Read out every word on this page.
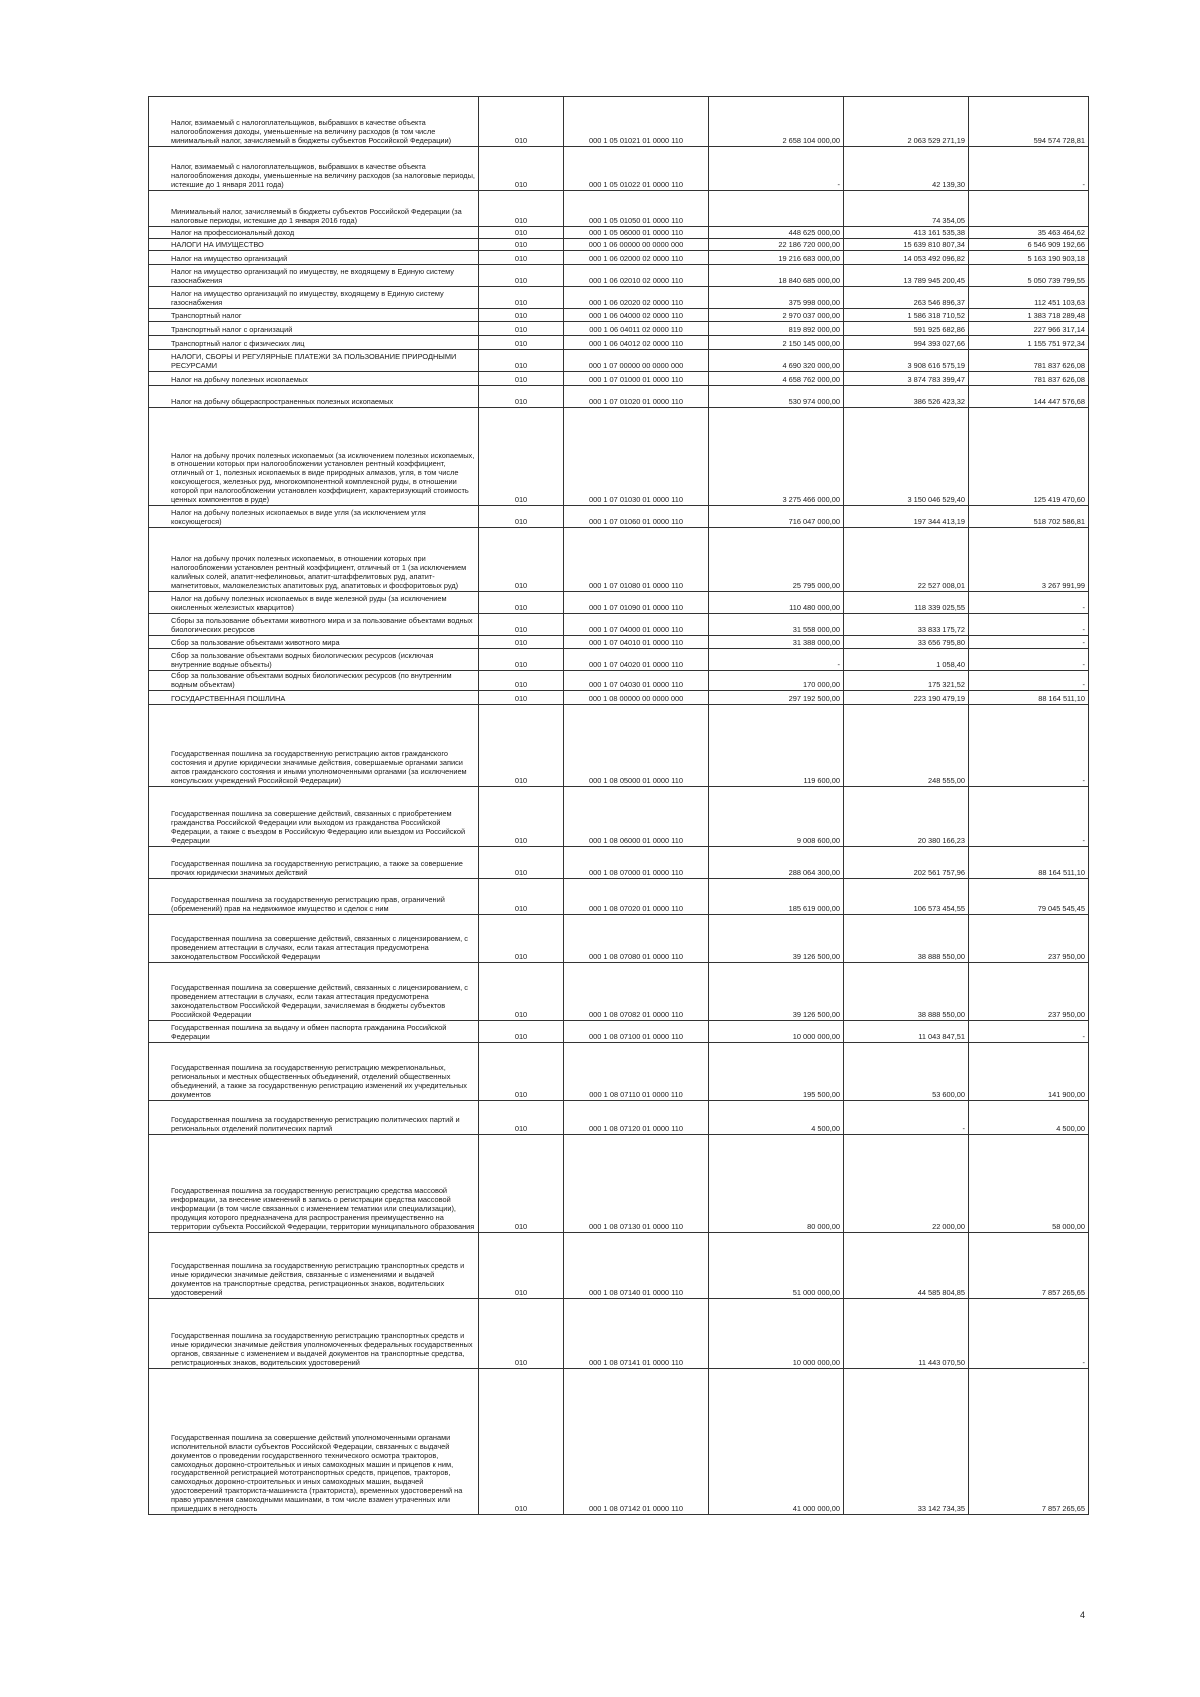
Налог, взимаемый с налогоплательщиков, выбравших в качестве объекта налогообложения доходы, уменьшенные на величину расходов (в том числе минимальный налог, зачисляемый в бюджеты субъектов Российской Федерации)	010	000 1 05 01021 01 0000 110	2 658 104 000,00	2 063 529 271,19	594 574 728,81
Налог, взимаемый с налогоплательщиков, выбравших в качестве объекта налогообложения доходы, уменьшенные на величину расходов (за налоговые периоды, истекшие до 1 января 2011 года)	010	000 1 05 01022 01 0000 110	-	42 139,30	-
Минимальный налог, зачисляемый в бюджеты субъектов Российской Федерации (за налоговые периоды, истекшие до 1 января 2016 года)	010	000 1 05 01050 01 0000 110		74 354,05	
Налог на профессиональный доход	010	000 1 05 06000 01 0000 110	448 625 000,00	413 161 535,38	35 463 464,62
НАЛОГИ НА ИМУЩЕСТВО	010	000 1 06 00000 00 0000 000	22 186 720 000,00	15 639 810 807,34	6 546 909 192,66
Налог на имущество организаций	010	000 1 06 02000 02 0000 110	19 216 683 000,00	14 053 492 096,82	5 163 190 903,18
Налог на имущество организаций по имуществу, не входящему в Единую систему газоснабжения	010	000 1 06 02010 02 0000 110	18 840 685 000,00	13 789 945 200,45	5 050 739 799,55
Налог на имущество организаций по имуществу, входящему в Единую систему газоснабжения	010	000 1 06 02020 02 0000 110	375 998 000,00	263 546 896,37	112 451 103,63
Транспортный налог	010	000 1 06 04000 02 0000 110	2 970 037 000,00	1 586 318 710,52	1 383 718 289,48
Транспортный налог с организаций	010	000 1 06 04011 02 0000 110	819 892 000,00	591 925 682,86	227 966 317,14
Транспортный налог с физических лиц	010	000 1 06 04012 02 0000 110	2 150 145 000,00	994 393 027,66	1 155 751 972,34
НАЛОГИ, СБОРЫ И РЕГУЛЯРНЫЕ ПЛАТЕЖИ ЗА ПОЛЬЗОВАНИЕ ПРИРОДНЫМИ РЕСУРСАМИ	010	000 1 07 00000 00 0000 000	4 690 320 000,00	3 908 616 575,19	781 837 626,08
Налог на добычу полезных ископаемых	010	000 1 07 01000 01 0000 110	4 658 762 000,00	3 874 783 399,47	781 837 626,08
Налог на добычу общераспространенных полезных ископаемых	010	000 1 07 01020 01 0000 110	530 974 000,00	386 526 423,32	144 447 576,68
Налог на добычу прочих полезных ископаемых (за исключением полезных ископаемых, в отношении которых при налогообложении установлен рентный коэффициент, отличный от 1, полезных ископаемых в виде природных алмазов, угля, в том числе коксующегося, железных руд, многокомпонентной комплексной руды, в отношении которой при налогообложении установлен коэффициент, характеризующий стоимость ценных компонентов в руде)	010	000 1 07 01030 01 0000 110	3 275 466 000,00	3 150 046 529,40	125 419 470,60
Налог на добычу полезных ископаемых в виде угля (за исключением угля коксующегося)	010	000 1 07 01060 01 0000 110	716 047 000,00	197 344 413,19	518 702 586,81
Налог на добычу прочих полезных ископаемых, в отношении которых при налогообложении установлен рентный коэффициент, отличный от 1 (за исключением калийных солей, апатит-нефелиновых, апатит-штаффелитовых руд, апатит-магнетитовых, маложелезистых апатитовых руд, апатитовых и фосфоритовых руд)	010	000 1 07 01080 01 0000 110	25 795 000,00	22 527 008,01	3 267 991,99
Налог на добычу полезных ископаемых в виде железной руды (за исключением окисленных железистых кварцитов)	010	000 1 07 01090 01 0000 110	110 480 000,00	118 339 025,55	-
Сборы за пользование объектами животного мира и за пользование объектами водных биологических ресурсов	010	000 1 07 04000 01 0000 110	31 558 000,00	33 833 175,72	-
Сбор за пользование объектами животного мира	010	000 1 07 04010 01 0000 110	31 388 000,00	33 656 795,80	-
Сбор за пользование объектами водных биологических ресурсов (исключая внутренние водные объекты)	010	000 1 07 04020 01 0000 110	-	1 058,40	-
Сбор за пользование объектами водных биологических ресурсов (по внутренним водным объектам)	010	000 1 07 04030 01 0000 110	170 000,00	175 321,52	-
ГОСУДАРСТВЕННАЯ ПОШЛИНА	010	000 1 08 00000 00 0000 000	297 192 500,00	223 190 479,19	88 164 511,10
Государственная пошлина за государственную регистрацию актов гражданского состояния и другие юридически значимые действия, совершаемые органами записи актов гражданского состояния и иными уполномоченными органами (за исключением консульских учреждений Российской Федерации)	010	000 1 08 05000 01 0000 110	119 600,00	248 555,00	-
Государственная пошлина за совершение действий, связанных с приобретением гражданства Российской Федерации или выходом из гражданства Российской Федерации, а также с въездом в Российскую Федерацию или выездом из Российской Федерации	010	000 1 08 06000 01 0000 110	9 008 600,00	20 380 166,23	-
Государственная пошлина за государственную регистрацию, а также за совершение прочих юридически значимых действий	010	000 1 08 07000 01 0000 110	288 064 300,00	202 561 757,96	88 164 511,10
Государственная пошлина за государственную регистрацию прав, ограничений (обременений) прав на недвижимое имущество и сделок с ним	010	000 1 08 07020 01 0000 110	185 619 000,00	106 573 454,55	79 045 545,45
Государственная пошлина за совершение действий, связанных с лицензированием, с проведением аттестации в случаях, если такая аттестация предусмотрена законодательством Российской Федерации	010	000 1 08 07080 01 0000 110	39 126 500,00	38 888 550,00	237 950,00
Государственная пошлина за совершение действий, связанных с лицензированием, с проведением аттестации в случаях, если такая аттестация предусмотрена законодательством Российской Федерации, зачисляемая в бюджеты субъектов Российской Федерации	010	000 1 08 07082 01 0000 110	39 126 500,00	38 888 550,00	237 950,00
Государственная пошлина за выдачу и обмен паспорта гражданина Российской Федерации	010	000 1 08 07100 01 0000 110	10 000 000,00	11 043 847,51	-
Государственная пошлина за государственную регистрацию межрегиональных, региональных и местных общественных объединений, отделений общественных объединений, а также за государственную регистрацию изменений их учредительных документов	010	000 1 08 07110 01 0000 110	195 500,00	53 600,00	141 900,00
Государственная пошлина за государственную регистрацию политических партий и региональных отделений политических партий	010	000 1 08 07120 01 0000 110	4 500,00	-	4 500,00
Государственная пошлина за государственную регистрацию средства массовой информации, за внесение изменений в запись о регистрации средства массовой информации (в том числе связанных с изменением тематики или специализации), продукция которого предназначена для распространения преимущественно на территории субъекта Российской Федерации, территории муниципального образования	010	000 1 08 07130 01 0000 110	80 000,00	22 000,00	58 000,00
Государственная пошлина за государственную регистрацию транспортных средств и иные юридически значимые действия, связанные с изменениями и выдачей документов на транспортные средства, регистрационных знаков, водительских удостоверений	010	000 1 08 07140 01 0000 110	51 000 000,00	44 585 804,85	7 857 265,65
Государственная пошлина за государственную регистрацию транспортных средств и иные юридически значимые действия уполномоченных федеральных государственных органов, связанные с изменением и выдачей документов на транспортные средства, регистрационных знаков, водительских удостоверений	010	000 1 08 07141 01 0000 110	10 000 000,00	11 443 070,50	-
Государственная пошлина за совершение действий уполномоченными органами исполнительной власти субъектов Российской Федерации, связанных с выдачей документов о проведении государственного технического осмотра тракторов, самоходных дорожно-строительных и иных самоходных машин и прицепов к ним, государственной регистрацией мототранспортных средств, прицепов, тракторов, самоходных дорожно-строительных и иных самоходных машин, выдачей удостоверений тракториста-машиниста (тракториста), временных удостоверений на право управления самоходными машинами, в том числе взамен утраченных или пришедших в негодность	010	000 1 08 07142 01 0000 110	41 000 000,00	33 142 734,35	7 857 265,65
4
